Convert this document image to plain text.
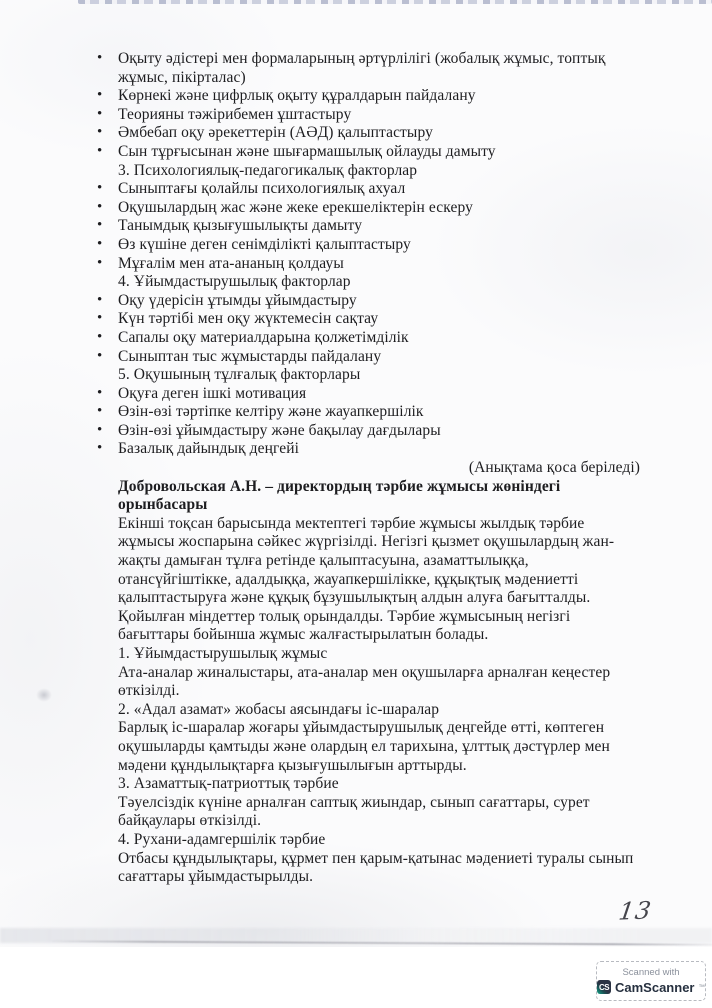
• Оқыту әдістері мен формаларының әртүрлілігі (жобалық жұмыс, топтық
жұмыс, пікірталас)
• Көрнекі және цифрлық оқыту құралдарын пайдалану
• Теорияны тәжірибемен ұштастыру
• Әмбебап оқу әрекеттерін (АӘД) қалыптастыру
• Сын тұрғысынан және шығармашылық ойлауды дамыту
3. Психологиялық-педагогикалық факторлар
• Сыныптағы қолайлы психологиялық ахуал
• Оқушылардың жас және жеке ерекшеліктерін ескеру
• Танымдық қызығушылықты дамыту
• Өз күшіне деген сенімділікті қалыптастыру
• Мұғалім мен ата-ананың қолдауы
4. Ұйымдастырушылық факторлар
• Оқу үдерісін ұтымды ұйымдастыру
• Күн тәртібі мен оқу жүктемесін сақтау
• Сапалы оқу материалдарына қолжетімділік
• Сыныптан тыс жұмыстарды пайдалану
5. Оқушының тұлғалық факторлары
• Оқуға деген ішкі мотивация
• Өзін-өзі тәртіпке келтіру және жауапкершілік
• Өзін-өзі ұйымдастыру және бақылау дағдылары
• Базалық дайындық деңгейі
(Анықтама қоса беріледі)
Добровольская А.Н. – директордың тәрбие жұмысы жөніндегі
орынбасары
Екінші тоқсан барысында мектептегі тәрбие жұмысы жылдық тәрбие
жұмысы жоспарына сәйкес жүргізілді. Негізгі қызмет оқушылардың жан-
жақты дамыған тұлға ретінде қалыптасуына, азаматтылыққа,
отансүйгіштікке, адалдыққа, жауапкершілікке, құқықтық мәдениетті
қалыптастыруға және құқық бұзушылықтың алдын алуға бағытталды.
Қойылған міндеттер толық орындалды. Тәрбие жұмысының негізгі
бағыттары бойынша жұмыс жалғастырылатын болады.
1. Ұйымдастырушылық жұмыс
Ата-аналар жиналыстары, ата-аналар мен оқушыларға арналған кеңестер
өткізілді.
2. «Адал азамат» жобасы аясындағы іс-шаралар
Барлық іс-шаралар жоғары ұйымдастырушылық деңгейде өтті, көптеген
оқушыларды қамтыды және олардың ел тарихына, ұлттық дәстүрлер мен
мәдени құндылықтарға қызығушылығын арттырды.
3. Азаматтық-патриоттық тәрбие
Тәуелсіздік күніне арналған саптық жиындар, сынып сағаттары, сурет
байқаулары өткізілді.
4. Рухани-адамгершілік тәрбие
Отбасы құндылықтары, құрмет пен қарым-қатынас мәдениеті туралы сынып
сағаттары ұйымдастырылды.
13
Scanned with
CS CamScanner ™
